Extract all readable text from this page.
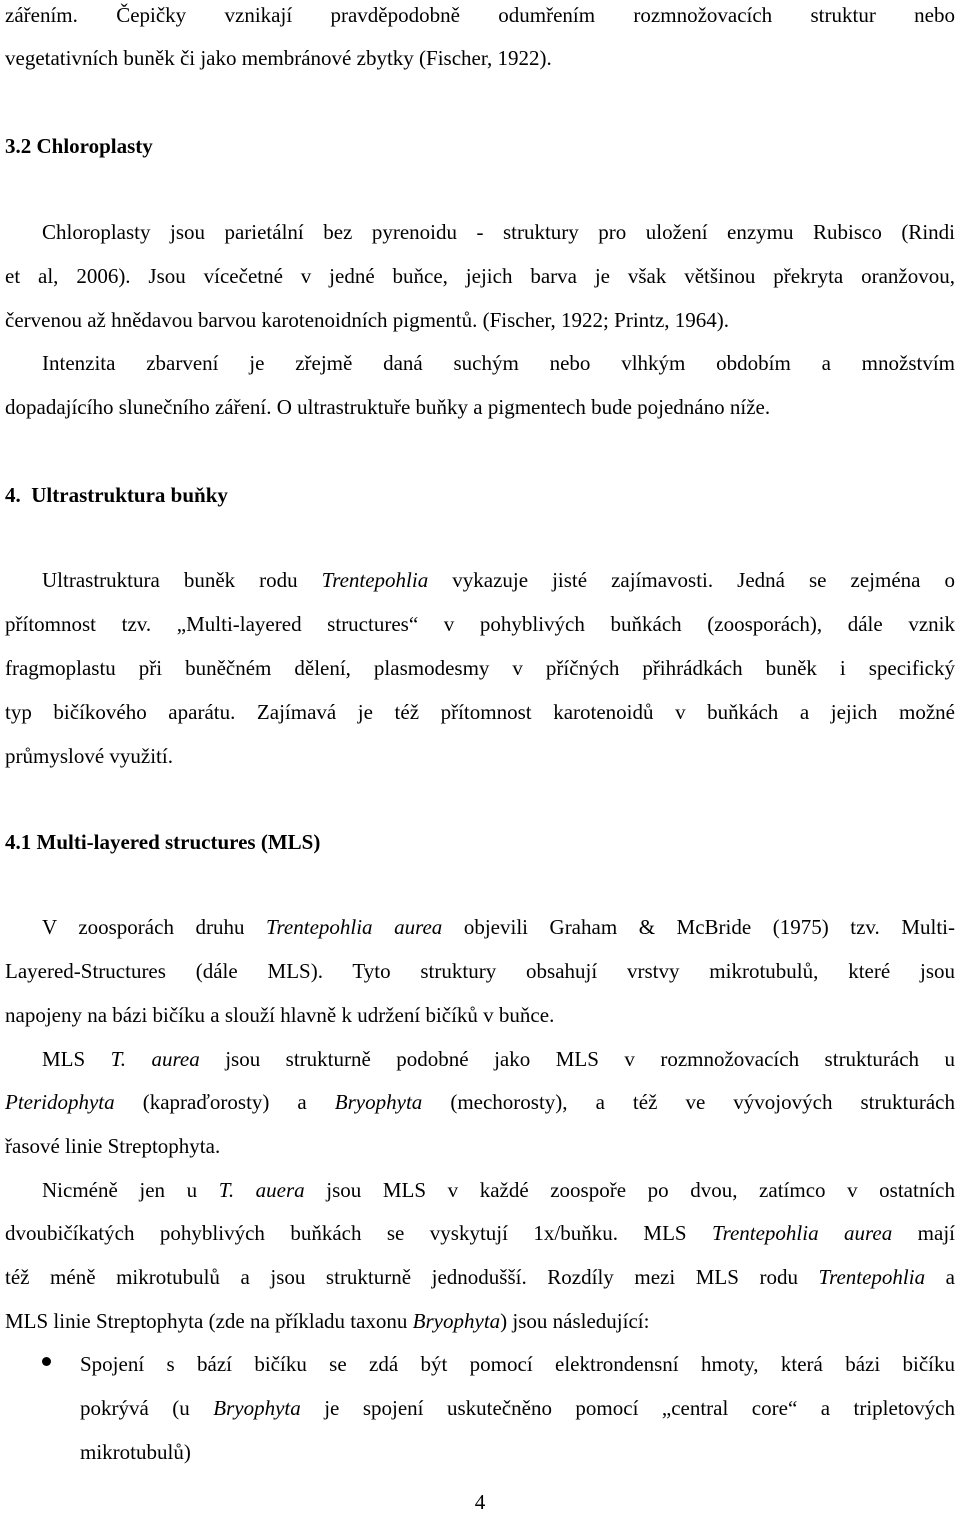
zářením. Čepičky vznikají pravděpodobně odumřením rozmnožovacích struktur nebo
vegetativních buněk či jako membránové zbytky (Fischer, 1922).
3.2 Chloroplasty
Chloroplasty jsou parietální bez pyrenoidu - struktury pro uložení enzymu Rubisco (Rindi
et al, 2006). Jsou vícečetné v jedné buňce, jejich barva je však většinou překryta oranžovou,
červenou až hnědavou barvou karotenoidních pigmentů. (Fischer, 1922; Printz, 1964).
Intenzita zbarvení je zřejmě daná suchým nebo vlhkým obdobím a množstvím
dopadajícího slunečního záření. O ultrastruktuře buňky a pigmentech bude pojednáno níže.
4.  Ultrastruktura buňky
Ultrastruktura buněk rodu Trentepohlia vykazuje jisté zajímavosti. Jedná se zejména o
přítomnost tzv. „Multi-layered structures“ v pohyblivých buňkách (zoosporách), dále vznik
fragmoplastu při buněčném dělení, plasmodesmy v příčných přihrádkách buněk i specifický
typ bičíkového aparátu. Zajímavá je též přítomnost karotenoidů v buňkách a jejich možné
průmyslové využití.
4.1 Multi-layered structures (MLS)
V zoosporách druhu Trentepohlia aurea objevili Graham & McBride (1975) tzv. Multi-
Layered-Structures (dále MLS). Tyto struktury obsahují vrstvy mikrotubulů, které jsou
napojeny na bázi bičíku a slouží hlavně k udržení bičíků v buňce.
MLS T. aurea jsou strukturně podobné jako MLS v rozmnožovacích strukturách u
Pteridophyta (kapraďorosty) a Bryophyta (mechorosty), a též ve vývojových strukturách
řasové linie Streptophyta.
Nicméně jen u T. auera jsou MLS v každé zoospoře po dvou, zatímco v ostatních
dvoubičíkatých pohyblivých buňkách se vyskytují 1x/buňku. MLS Trentepohlia aurea mají
též méně mikrotubulů a jsou strukturně jednodušší. Rozdíly mezi MLS rodu Trentepohlia a
MLS linie Streptophyta (zde na příkladu taxonu Bryophyta) jsou následující:
Spojení s bází bičíku se zdá být pomocí elektrondensní hmoty, která bázi bičíku
pokrývá (u Bryophyta je spojení uskutečněno pomocí „central core“ a tripletových
mikrotubulů)
4
